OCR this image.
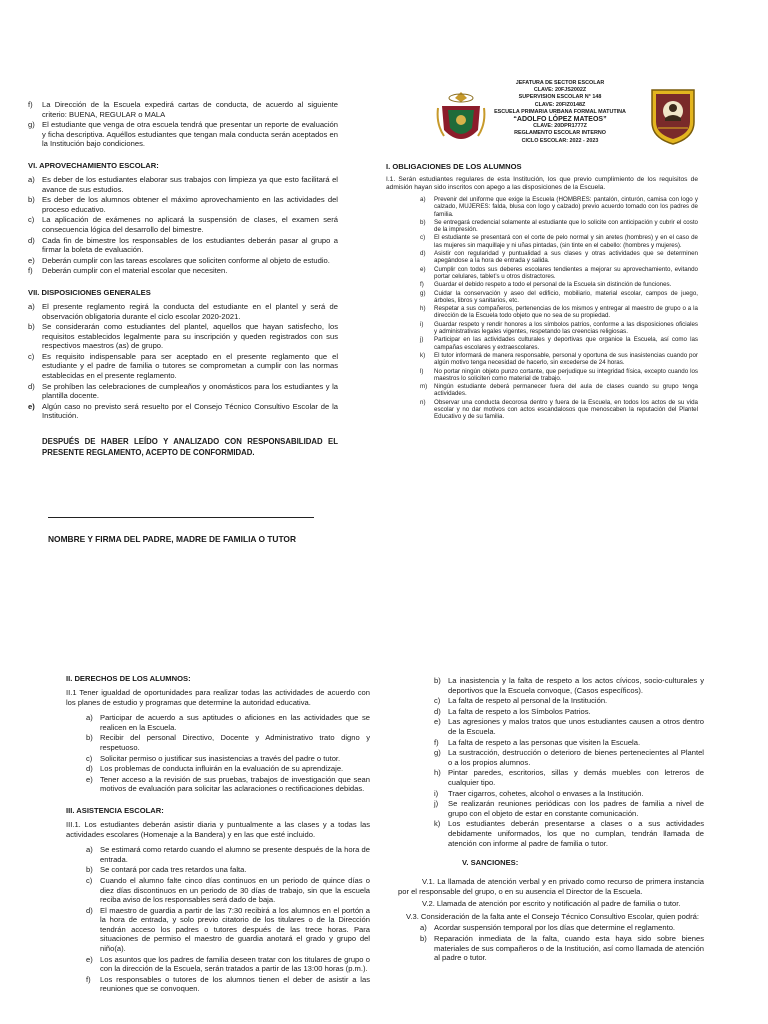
f)	La Dirección de la Escuela expedirá cartas de conducta, de acuerdo al siguiente criterio: BUENA, REGULAR o MALA
g) El estudiante que venga de otra escuela tendrá que presentar un reporte de evaluación y ficha descriptiva. Aquéllos estudiantes que tengan mala conducta serán aceptados en la Institución bajo condiciones.
VI. APROVECHAMIENTO ESCOLAR:
a) Es deber de los estudiantes elaborar sus trabajos con limpieza ya que esto facilitará el avance de sus estudios.
b) Es deber de los alumnos obtener el máximo aprovechamiento en las actividades del proceso educativo.
c)	La aplicación de exámenes no aplicará la suspensión de clases, el examen será consecuencia lógica del desarrollo del bimestre.
d) Cada fin de bimestre los responsables de los estudiantes deberán pasar al grupo a firmar la boleta de evaluación.
e) Deberán cumplir con las tareas escolares que soliciten conforme al objeto de estudio.
f)	Deberán cumplir con el material escolar que necesiten.
VII. DISPOSICIONES GENERALES
a) El presente reglamento regirá la conducta del estudiante en el plantel y será de observación obligatoria durante el ciclo escolar 2020-2021.
b) Se considerarán como estudiantes del plantel, aquellos que hayan satisfecho, los requisitos establecidos legalmente para su inscripción y queden registrados con sus respectivos maestros (as) de grupo.
c)	Es requisito indispensable para ser aceptado en el presente reglamento que el estudiante y el padre de familia o tutores se comprometan a cumplir con las normas establecidas en el presente reglamento.
d) Se prohíben las celebraciones de cumpleaños y onomásticos para los estudiantes y la plantilla docente.
e) Algún caso no previsto será resuelto por el Consejo Técnico Consultivo Escolar de la Institución.
DESPUÉS DE HABER LEÍDO Y ANALIZADO CON RESPONSABILIDAD EL PRESENTE REGLAMENTO, ACEPTO DE CONFORMIDAD.
NOMBRE Y FIRMA DEL PADRE, MADRE DE FAMILIA O TUTOR
JEFATURA DE SECTOR ESCOLAR
CLAVE: 20FJS2002Z
SUPERVISION ESCOLAR N° 148
CLAVE: 20FIZ0148Z
ESCUELA PRIMARIA URBANA FORMAL MATUTINA
“ADOLFO LÓPEZ MATEOS”
CLAVE: 20DPR1777Z
REGLAMENTO ESCOLAR INTERNO
CICLO ESCOLAR: 2022 - 2023
I. OBLIGACIONES DE LOS ALUMNOS

I.1. Serán estudiantes regulares de esta Institución, los que previo cumplimiento de los requisitos de admisión hayan sido inscritos con apego a las disposiciones de la Escuela.

a)	Prevenir del uniforme que exige la Escuela (HOMBRES: pantalón, cinturón, camisa con logo y calzado, MUJERES: falda, blusa con logo y calzado) previo acuerdo tomado con los padres de familia.
b)	Se entregará credencial solamente al estudiante que lo solicite con anticipación y cubrir el costo de la impresión.
c)	El estudiante se presentará con el corte de pelo normal y sin aretes (hombres) y en el caso de las mujeres sin maquillaje y ni uñas pintadas, (sin tinte en el cabello: (hombres y mujeres).
d)	Asistir con regularidad y puntualidad a sus clases y otras actividades que se determinen apegándose a la hora de entrada y salida.
e)	Cumplir con todos sus deberes escolares tendientes a mejorar su aprovechamiento, evitando portar celulares, tablet’s u otros distractores.
f)	Guardar el debido respeto a todo el personal de la Escuela sin distinción de funciones.
g)	Cuidar la conservación y aseo del edificio, mobiliario, material escolar, campos de juego, árboles, libros y sanitarios, etc.
h)	Respetar a sus compañeros, pertenencias de los mismos y entregar al maestro de grupo o a la dirección de la Escuela todo objeto que no sea de su propiedad.
i)	Guardar respeto y rendir honores a los símbolos patrios, conforme a las disposiciones oficiales y administrativas legales vigentes, respetando las creencias religiosas.
j)	Participar en las actividades culturales y deportivas que organice la Escuela, así como las campañas escolares y extraescolares.
k)	El tutor informará de manera responsable, personal y oportuna de sus inasistencias cuando por algún motivo tenga necesidad de hacerlo, sin excederse de 24 horas.
l)	No portar ningún objeto punzo cortante, que perjudique su integridad física, excepto cuando los maestros lo soliciten como material de trabajo.
m)	Ningún estudiante deberá permanecer fuera del aula de clases cuando su grupo tenga actividades.
n)	Observar una conducta decorosa dentro y fuera de la Escuela, en todos los actos de su vida escolar y no dar motivos con actos escandalosos que menoscaben la reputación del Plantel Educativo y de su familia.
II. DERECHOS DE LOS ALUMNOS:

II.1 Tener igualdad de oportunidades para realizar todas las actividades de acuerdo con los planes de estudio y programas que determine la autoridad educativa.

a) Participar de acuerdo a sus aptitudes o aficiones en las actividades que se realicen en la Escuela.
b) Recibir del personal Directivo, Docente y Administrativo trato digno y respetuoso.
c)	Solicitar permiso o justificar sus inasistencias a través del padre o tutor.
d) Los problemas de conducta influirán en la evaluación de su aprendizaje.
e) Tener acceso a la revisión de sus pruebas, trabajos de investigación que sean motivos de evaluación para solicitar las aclaraciones o rectificaciones debidas.
III. ASISTENCIA ESCOLAR:

III.1. Los estudiantes deberán asistir diaria y puntualmente a las clases y a todas las actividades escolares (Homenaje a la Bandera) y en las que esté incluido.

a) Se estimará como retardo cuando el alumno se presente después de la hora de entrada.
b) Se contará por cada tres retardos una falta.
c)	Cuando el alumno falte cinco días continuos en un periodo de quince días o diez días discontinuos en un periodo de 30 días de trabajo, sin que la escuela reciba aviso de los responsables será dado de baja.
d) El maestro de guardia a partir de las 7:30 recibirá a los alumnos en el portón a la hora de entrada, y solo previo citatorio de los titulares o de la Dirección tendrán acceso los padres o tutores después de las trece horas. Para situaciones de permiso el maestro de guardia anotará el grado y grupo del niño(a).
e) Los asuntos que los padres de familia deseen tratar con los titulares de grupo o con la dirección de la Escuela, serán tratados a partir de las 13:00 horas (p.m.).
f)	Los responsables o tutores de los alumnos tienen el deber de asistir a las reuniones que se convoquen.
b) La inasistencia y la falta de respeto a los actos cívicos, socio-culturales y deportivos que la Escuela convoque, (Casos específicos).
c)	La falta de respeto al personal de la Institución.
d) La falta de respeto a los Símbolos Patrios.
e) Las agresiones y malos tratos que unos estudiantes causen a otros dentro de la Escuela.
f)	La falta de respeto a las personas que visiten la Escuela.
g) La sustracción, destrucción o deterioro de bienes pertenecientes al Plantel o a los propios alumnos.
h) Pintar paredes, escritorios, sillas y demás muebles con letreros de cualquier tipo.
i)	Traer cigarros, cohetes, alcohol o envases a la Institución.
j)	Se realizarán reuniones periódicas con los padres de familia a nivel de grupo con el objeto de estar en constante comunicación.
k)	Los estudiantes deberán presentarse a clases o a sus actividades debidamente uniformados, los que no cumplan, tendrán llamada de atención con informe al padre de familia o tutor.
V. SANCIONES:

V.1. La llamada de atención verbal y en privado como recurso de primera instancia por el responsable del grupo, o en su ausencia el Director de la Escuela.

V.2. Llamada de atención por escrito y notificación al padre de familia o tutor.

V.3. Consideración de la falta ante el Consejo Técnico Consultivo Escolar, quien podrá:

a) Acordar suspensión temporal por los días que determine el reglamento.
b) Reparación inmediata de la falta, cuando esta haya sido sobre bienes materiales de sus compañeros o de la Institución, así como llamada de atención al padre o tutor.
